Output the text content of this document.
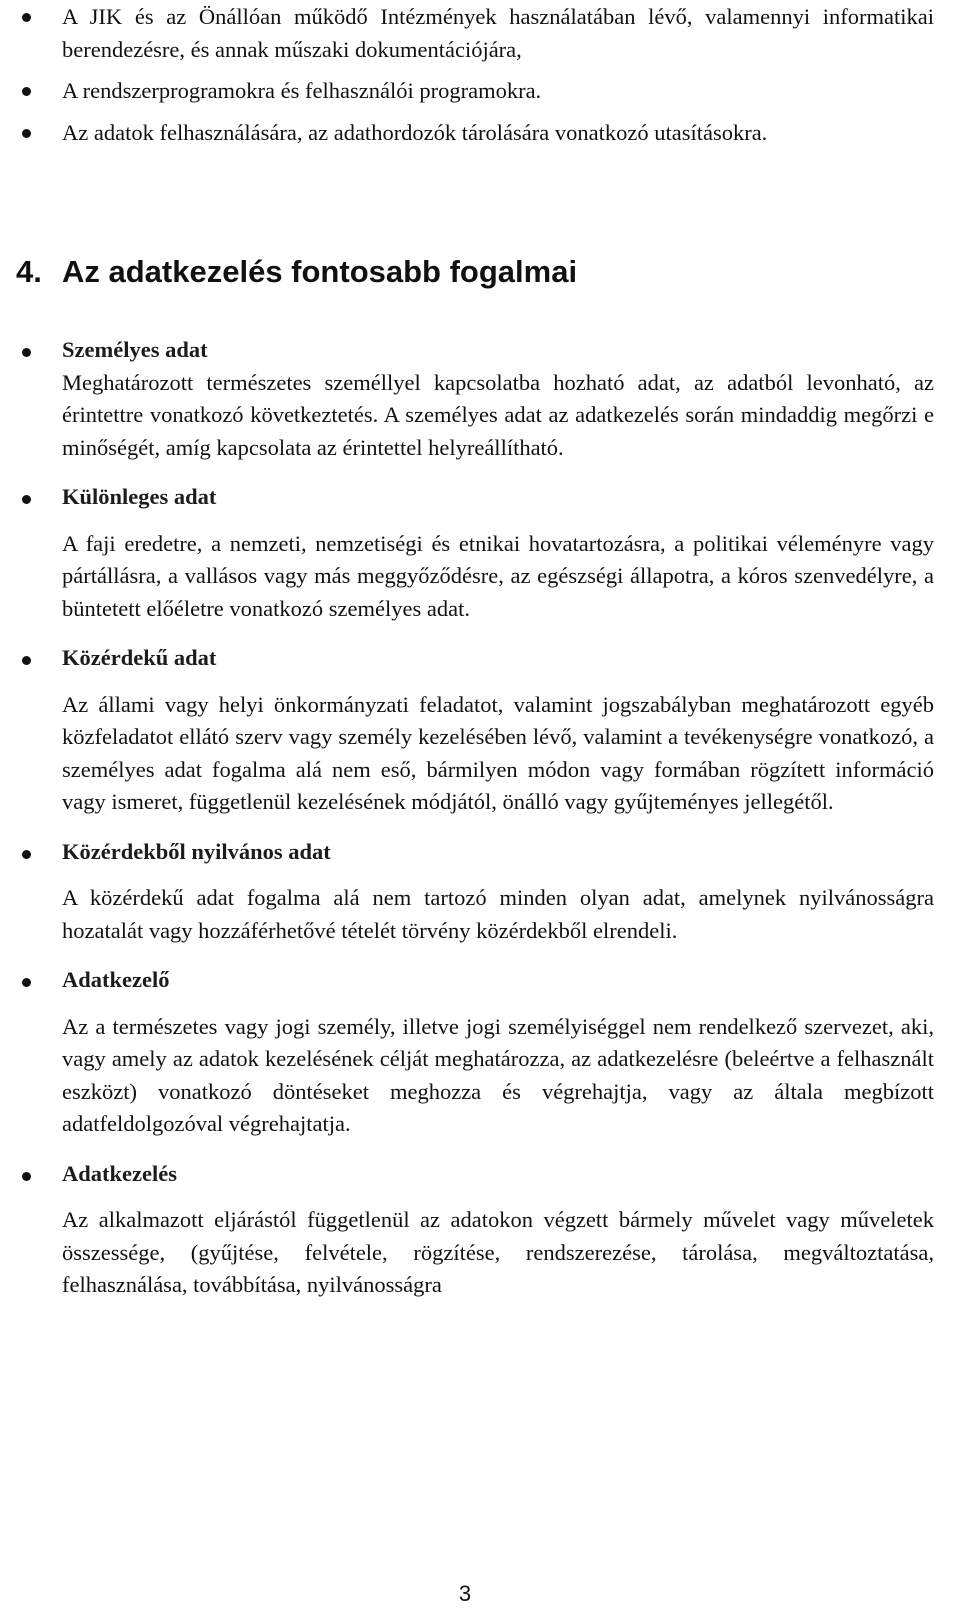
A JIK és az Önállóan működő Intézmények használatában lévő, valamennyi informatikai berendezésre, és annak műszaki dokumentációjára,
A rendszerprogramokra és felhasználói programokra.
Az adatok felhasználására, az adathordozók tárolására vonatkozó utasításokra.
4. Az adatkezelés fontosabb fogalmai
Személyes adat
Meghatározott természetes személlyel kapcsolatba hozható adat, az adatból levonható, az érintettre vonatkozó következtetés. A személyes adat az adatkezelés során mindaddig megőrzi e minőségét, amíg kapcsolata az érintettel helyreállítható.
Különleges adat
A faji eredetre, a nemzeti, nemzetiségi és etnikai hovatartozásra, a politikai véleményre vagy pártállásra, a vallásos vagy más meggyőződésre, az egészségi állapotra, a kóros szenvedélyre, a büntetett előéletre vonatkozó személyes adat.
Közérdekű adat
Az állami vagy helyi önkormányzati feladatot, valamint jogszabályban meghatározott egyéb közfeladatot ellátó szerv vagy személy kezelésében lévő, valamint a tevékenységre vonatkozó, a személyes adat fogalma alá nem eső, bármilyen módon vagy formában rögzített információ vagy ismeret, függetlenül kezelésének módjától, önálló vagy gyűjteményes jellegétől.
Közérdekből nyilvános adat
A közérdekű adat fogalma alá nem tartozó minden olyan adat, amelynek nyilvánosságra hozatalát vagy hozzáférhetővé tételét törvény közérdekből elrendeli.
Adatkezelő
Az a természetes vagy jogi személy, illetve jogi személyiséggel nem rendelkező szervezet, aki, vagy amely az adatok kezelésének célját meghatározza, az adatkezelésre (beleértve a felhasznált eszközt) vonatkozó döntéseket meghozza és végrehajtja, vagy az általa megbízott adatfeldolgozóval végrehajtatja.
Adatkezelés
Az alkalmazott eljárástól függetlenül az adatokon végzett bármely művelet vagy műveletek összessége, (gyűjtése, felvétele, rögzítése, rendszerezése, tárolása, megváltoztatása, felhasználása, továbbítása, nyilvánosságra
3
